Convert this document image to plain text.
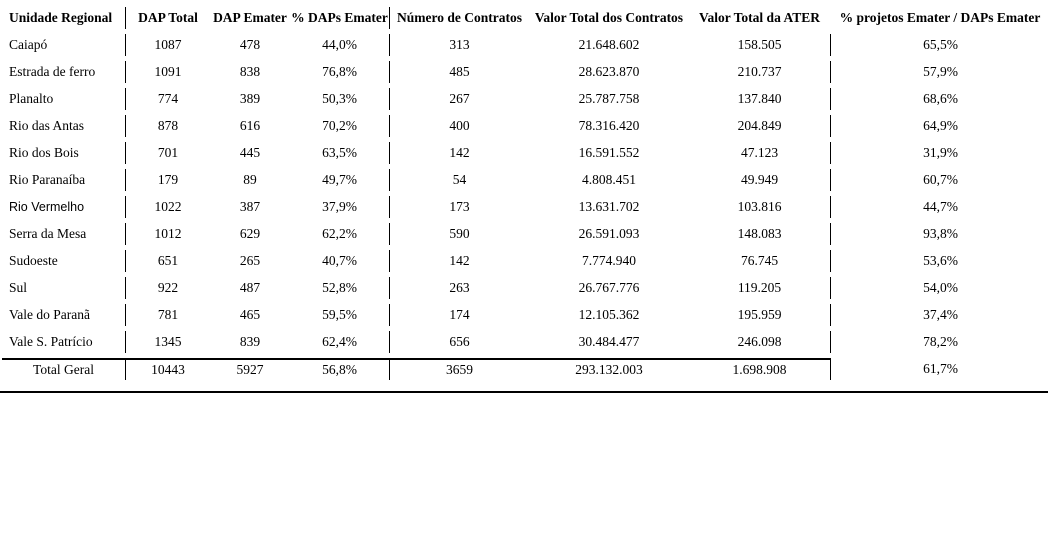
Unidade Regional	DAP Total	DAP Emater	% DAPs Emater	Número de Contratos	Valor Total dos Contratos	Valor Total da ATER	% projetos Emater / DAPs Emater
Caiapó	1087	478	44,0%	313	21.648.602	158.505	65,5%
Estrada de ferro	1091	838	76,8%	485	28.623.870	210.737	57,9%
Planalto	774	389	50,3%	267	25.787.758	137.840	68,6%
Rio das Antas	878	616	70,2%	400	78.316.420	204.849	64,9%
Rio dos Bois	701	445	63,5%	142	16.591.552	47.123	31,9%
Rio Paranaíba	179	89	49,7%	54	4.808.451	49.949	60,7%
Rio Vermelho	1022	387	37,9%	173	13.631.702	103.816	44,7%
Serra da Mesa	1012	629	62,2%	590	26.591.093	148.083	93,8%
Sudoeste	651	265	40,7%	142	7.774.940	76.745	53,6%
Sul	922	487	52,8%	263	26.767.776	119.205	54,0%
Vale do Paranã	781	465	59,5%	174	12.105.362	195.959	37,4%
Vale S. Patrício	1345	839	62,4%	656	30.484.477	246.098	78,2%
Total Geral	10443	5927	56,8%	3659	293.132.003	1.698.908	61,7%
